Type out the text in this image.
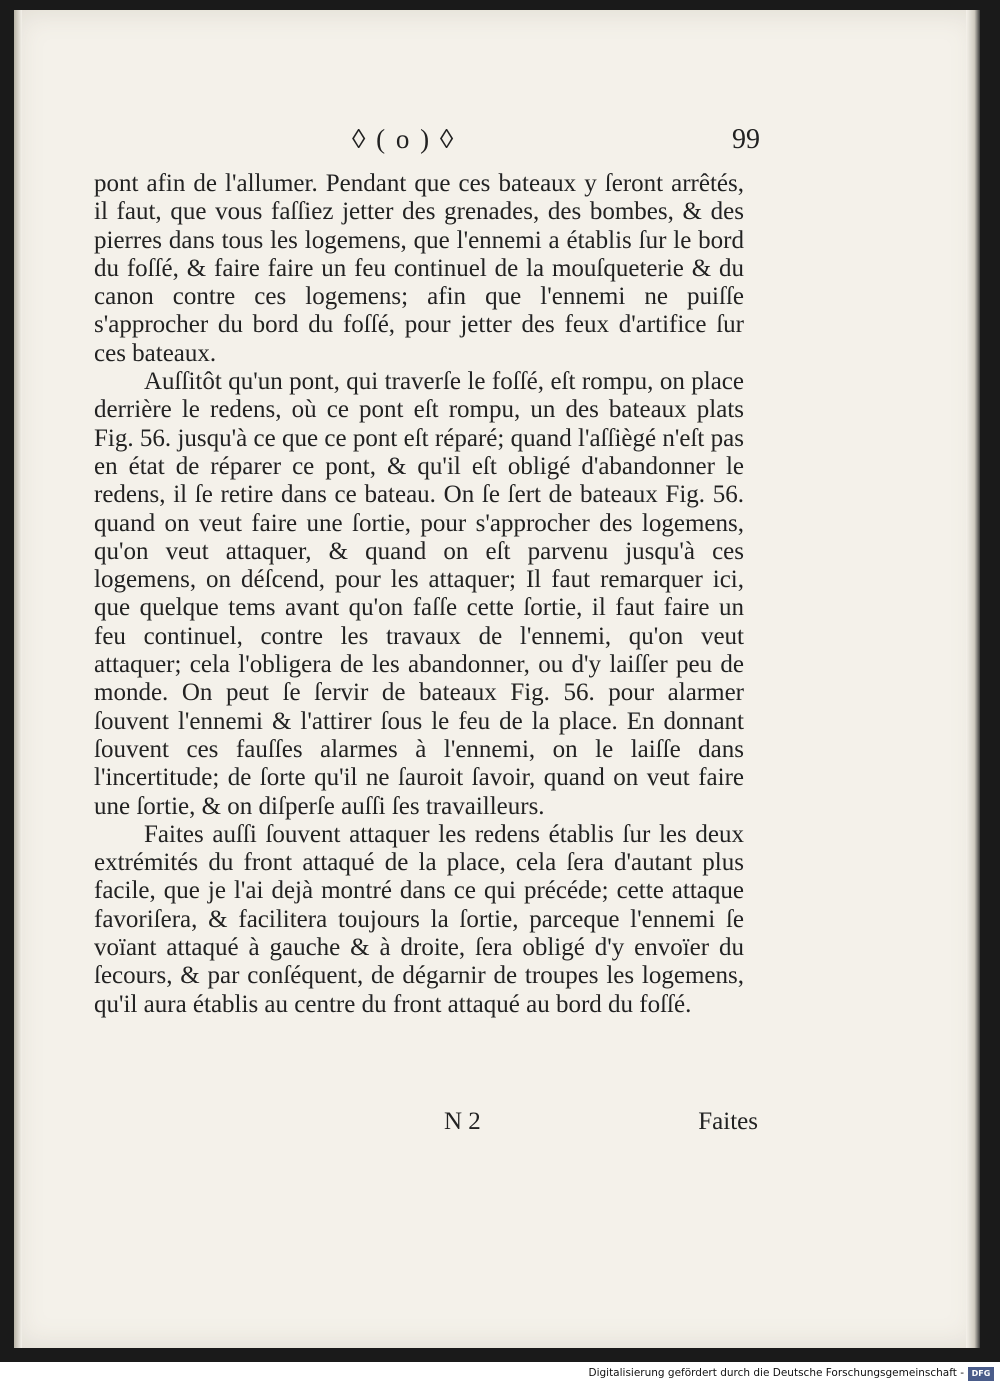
◊ ( o ) ◊	99

pont afin de l'allumer. Pendant que ces bateaux y ſeront arrêtés, il faut, que vous faſſiez jetter des grenades, des bombes, & des pierres dans tous les logemens, que l'ennemi a établis ſur le bord du foſſé, & faire faire un feu continuel de la mouſqueterie & du canon contre ces logemens; afin que l'ennemi ne puiſſe s'approcher du bord du foſſé, pour jetter des feux d'artifice ſur ces bateaux.

Auſſitôt qu'un pont, qui traverſe le foſſé, eſt rompu, on place derrière le redens, où ce pont eſt rompu, un des bateaux plats Fig. 56. jusqu'à ce que ce pont eſt réparé; quand l'aſſiègé n'eſt pas en état de réparer ce pont, & qu'il eſt obligé d'abandonner le redens, il ſe retire dans ce bateau. On ſe ſert de bateaux Fig. 56. quand on veut faire une ſortie, pour s'approcher des logemens, qu'on veut attaquer, & quand on eſt parvenu jusqu'à ces logemens, on déſcend, pour les attaquer; Il faut remarquer ici, que quelque tems avant qu'on faſſe cette ſortie, il faut faire un feu continuel, contre les travaux de l'ennemi, qu'on veut attaquer; cela l'obligera de les abandonner, ou d'y laiſſer peu de monde. On peut ſe ſervir de bateaux Fig. 56. pour alarmer ſouvent l'ennemi & l'attirer ſous le feu de la place. En donnant ſouvent ces fauſſes alarmes à l'ennemi, on le laiſſe dans l'incertitude; de ſorte qu'il ne ſauroit ſavoir, quand on veut faire une ſortie, & on diſperſe auſſi ſes travailleurs.

Faites auſſi ſouvent attaquer les redens établis ſur les deux extrémités du front attaqué de la place, cela ſera d'autant plus facile, que je l'ai dejà montré dans ce qui précéde; cette attaque favoriſera, & facilitera toujours la ſortie, parceque l'ennemi ſe voïant attaqué à gauche & à droite, ſera obligé d'y envoïer du ſecours, & par conſéquent, de dégarnir de troupes les logemens, qu'il aura établis au centre du front attaqué au bord du foſſé.

N 2	Faites
Digitalisierung gefördert durch die Deutsche Forschungsgemeinschaft - DFG
